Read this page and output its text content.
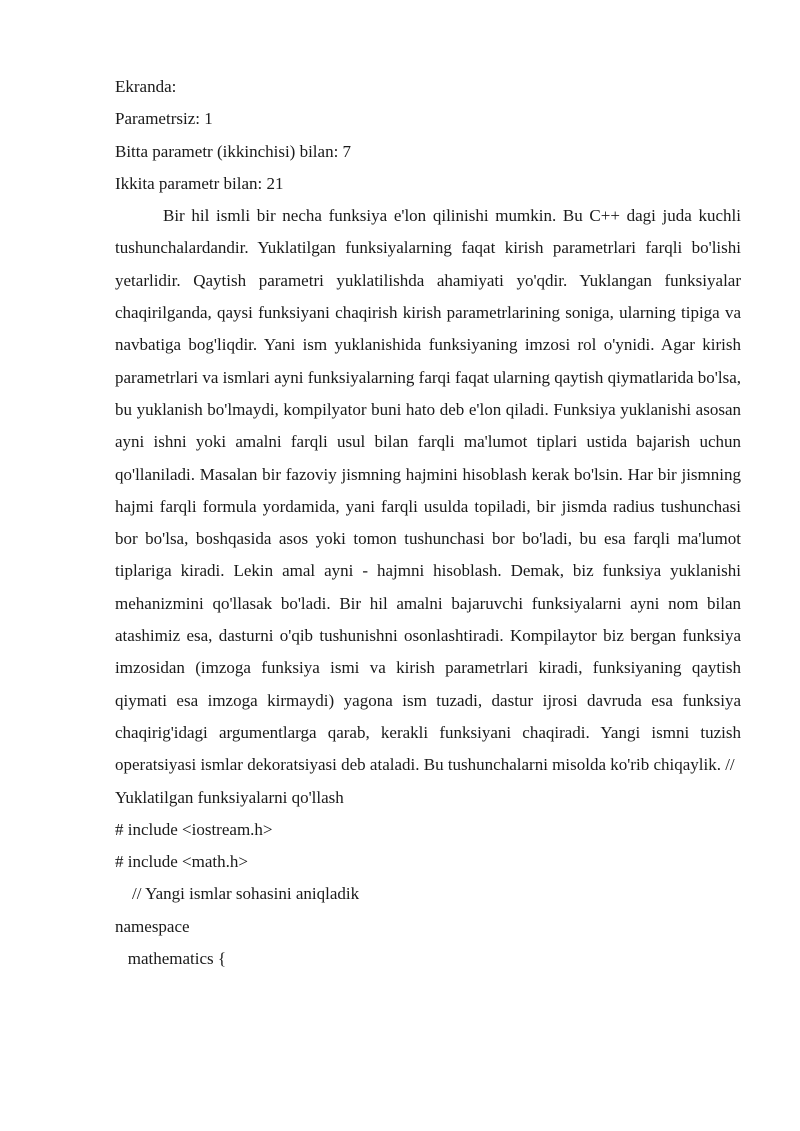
Ekranda:
Parametrsiz: 1
Bitta parametr (ikkinchisi) bilan: 7
Ikkita parametr bilan: 21

Bir hil ismli bir necha funksiya e'lon qilinishi mumkin. Bu C++ dagi juda kuchli tushunchalardandir. Yuklatilgan funksiyalarning faqat kirish parametrlari farqli bo'lishi yetarlidir. Qaytish parametri yuklatilishda ahamiyati yo'qdir. Yuklangan funksiyalar chaqirilganda, qaysi funksiyani chaqirish kirish parametrlarining soniga, ularning tipiga va navbatiga bog'liqdir. Yani ism yuklanishida funksiyaning imzosi rol o'ynidi. Agar kirish parametrlari va ismlari ayni funksiyalarning farqi faqat ularning qaytish qiymatlarida bo'lsa, bu yuklanish bo'lmaydi, kompilyator buni hato deb e'lon qiladi. Funksiya yuklanishi asosan ayni ishni yoki amalni farqli usul bilan farqli ma'lumot tiplari ustida bajarish uchun qo'llaniladi. Masalan bir fazoviy jismning hajmini hisoblash kerak bo'lsin. Har bir jismning hajmi farqli formula yordamida, yani farqli usulda topiladi, bir jismda radius tushunchasi bor bo'lsa, boshqasida asos yoki tomon tushunchasi bor bo'ladi, bu esa farqli ma'lumot tiplariga kiradi. Lekin amal ayni - hajmni hisoblash. Demak, biz funksiya yuklanishi mehanizmini qo'llasak bo'ladi. Bir hil amalni bajaruvchi funksiyalarni ayni nom bilan atashimiz esa, dasturni o'qib tushunishni osonlashtiradi. Kompilaytor biz bergan funksiya imzosidan (imzoga funksiya ismi va kirish parametrlari kiradi, funksiyaning qaytish qiymati esa imzoga kirmaydi) yagona ism tuzadi, dastur ijrosi davruda esa funksiya chaqirig'idagi argumentlarga qarab, kerakli funksiyani chaqiradi. Yangi ismni tuzish operatsiyasi ismlar dekoratsiyasi deb ataladi. Bu tushunchalarni misolda ko'rib chiqaylik. //

Yuklatilgan funksiyalarni qo'llash
# include <iostream.h>
# include <math.h>
// Yangi ismlar sohasini aniqladik
namespace
mathematics {
